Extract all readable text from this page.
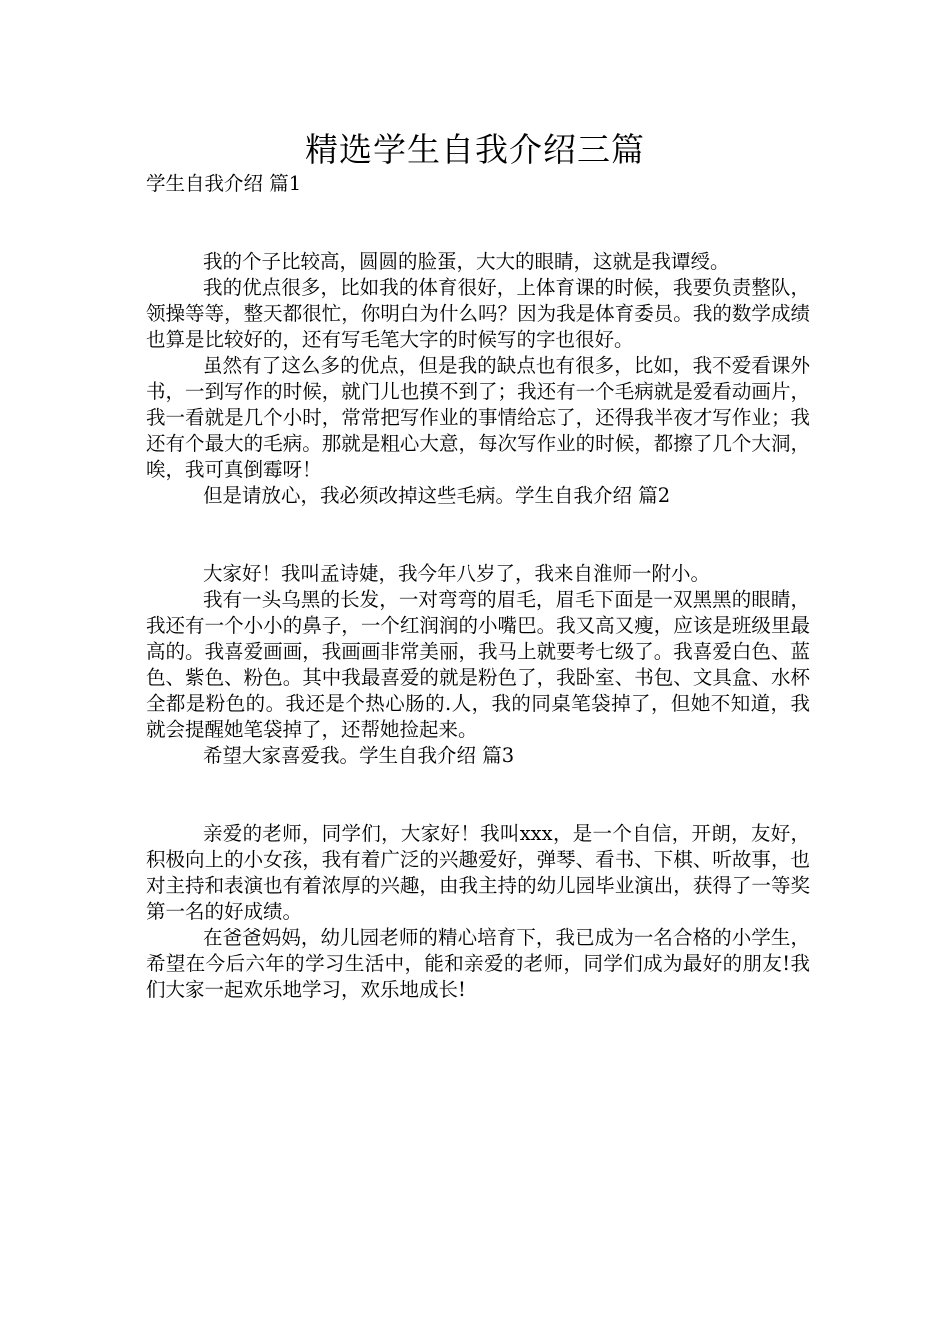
精选学生自我介绍三篇

学生自我介绍 篇1

我的个子比较高，圆圆的脸蛋，大大的眼睛，这就是我谭绶。

我的优点很多，比如我的体育很好，上体育课的时候，我要负责整队，领操等等，整天都很忙，你明白为什么吗？因为我是体育委员。我的数学成绩也算是比较好的，还有写毛笔大字的时候写的字也很好。

虽然有了这么多的优点，但是我的缺点也有很多，比如，我不爱看课外书，一到写作的时候，就门儿也摸不到了；我还有一个毛病就是爱看动画片，我一看就是几个小时，常常把写作业的事情给忘了，还得我半夜才写作业；我还有个最大的毛病。那就是粗心大意，每次写作业的时候，都擦了几个大洞，唉，我可真倒霉呀！

但是请放心，我必须改掉这些毛病。学生自我介绍 篇2

大家好！我叫孟诗婕，我今年八岁了，我来自淮师一附小。

我有一头乌黑的长发，一对弯弯的眉毛，眉毛下面是一双黑黑的眼睛，我还有一个小小的鼻子，一个红润润的小嘴巴。我又高又瘦，应该是班级里最高的。我喜爱画画，我画画非常美丽，我马上就要考七级了。我喜爱白色、蓝色、紫色、粉色。其中我最喜爱的就是粉色了，我卧室、书包、文具盒、水杯全都是粉色的。我还是个热心肠的.人，我的同桌笔袋掉了，但她不知道，我就会提醒她笔袋掉了，还帮她捡起来。

希望大家喜爱我。学生自我介绍 篇3

亲爱的老师，同学们，大家好！我叫xxx，是一个自信，开朗，友好，积极向上的小女孩，我有着广泛的兴趣爱好，弹琴、看书、下棋、听故事，也对主持和表演也有着浓厚的兴趣，由我主持的幼儿园毕业演出，获得了一等奖第一名的好成绩。

在爸爸妈妈，幼儿园老师的精心培育下，我已成为一名合格的小学生，希望在今后六年的学习生活中，能和亲爱的老师，同学们成为最好的朋友!我们大家一起欢乐地学习，欢乐地成长!
